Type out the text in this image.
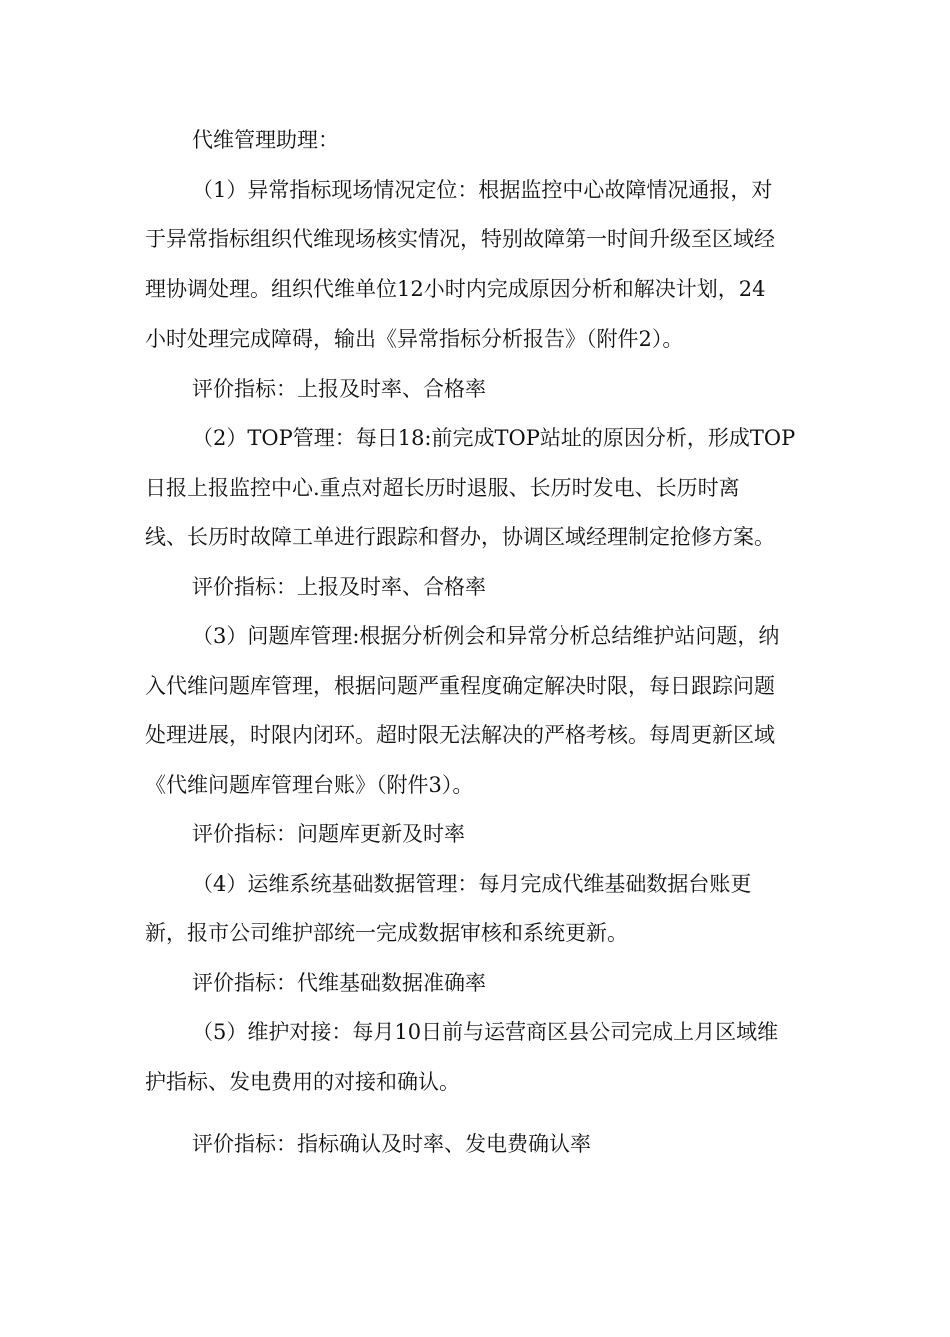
代维管理助理：
（1）异常指标现场情况定位：根据监控中心故障情况通报，对
于异常指标组织代维现场核实情况，特别故障第一时间升级至区域经
理协调处理。组织代维单位12小时内完成原因分析和解决计划，24
小时处理完成障碍，输出《异常指标分析报告》（附件2）。
评价指标：上报及时率、合格率
（2）TOP管理：每日18:前完成TOP站址的原因分析，形成TOP
日报上报监控中心.重点对超长历时退服、长历时发电、长历时离
线、长历时故障工单进行跟踪和督办，协调区域经理制定抢修方案。
评价指标：上报及时率、合格率
（3）问题库管理:根据分析例会和异常分析总结维护站问题，纳
入代维问题库管理，根据问题严重程度确定解决时限，每日跟踪问题
处理进展，时限内闭环。超时限无法解决的严格考核。每周更新区域
《代维问题库管理台账》（附件3）。
评价指标：问题库更新及时率
（4）运维系统基础数据管理：每月完成代维基础数据台账更
新，报市公司维护部统一完成数据审核和系统更新。
评价指标：代维基础数据准确率
（5）维护对接：每月10日前与运营商区县公司完成上月区域维
护指标、发电费用的对接和确认。
评价指标：指标确认及时率、发电费确认率
